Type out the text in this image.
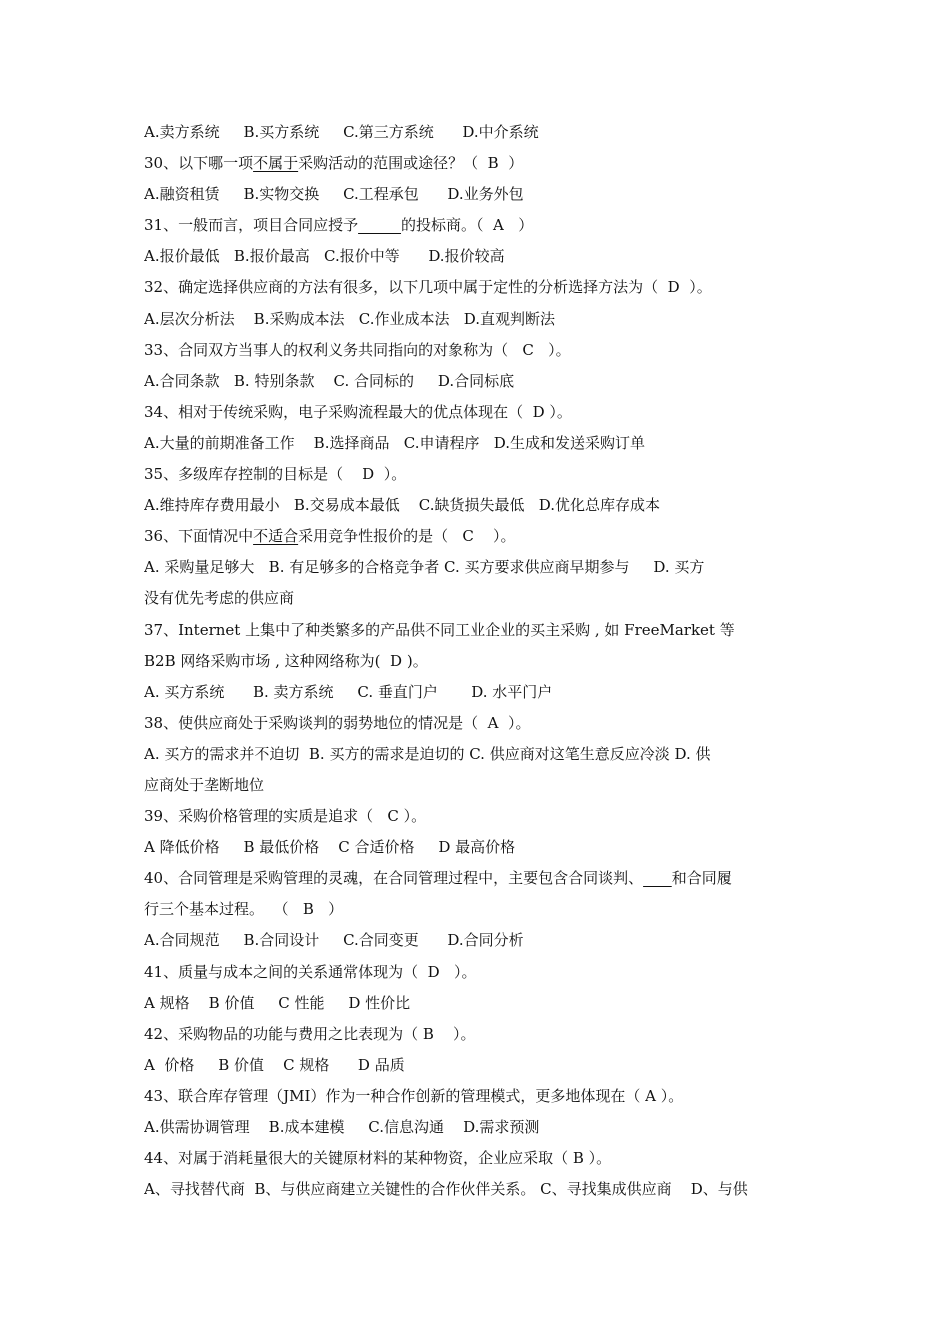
A.卖方系统     B.买方系统     C.第三方系统      D.中介系统
30、以下哪一项不属于采购活动的范围或途径？（  B  ）
A.融资租赁     B.实物交换     C.工程承包      D.业务外包
31、一般而言，项目合同应授予	的投标商。（  A   ）
A.报价最低   B.报价最高   C.报价中等      D.报价较高
32、确定选择供应商的方法有很多，以下几项中属于定性的分析选择方法为（  D  ）。
A.层次分析法    B.采购成本法   C.作业成本法   D.直观判断法
33、合同双方当事人的权利义务共同指向的对象称为（   C   ）。
A.合同条款   B. 特别条款    C. 合同标的     D.合同标底
34、相对于传统采购，电子采购流程最大的优点体现在（  D ）。
A.大量的前期准备工作    B.选择商品   C.申请程序   D.生成和发送采购订单
35、多级库存控制的目标是（    D  ）。
A.维持库存费用最小   B.交易成本最低    C.缺货损失最低   D.优化总库存成本
36、下面情况中不适合采用竞争性报价的是（   C    ）。
A. 采购量足够大   B. 有足够多的合格竞争者 C. 买方要求供应商早期参与     D. 买方
没有优先考虑的供应商
37、Internet 上集中了种类繁多的产品供不同工业企业的买主采购 , 如 FreeMarket 等
B2B 网络采购市场 , 这种网络称为(  D )。
A. 买方系统      B. 卖方系统     C. 垂直门户       D. 水平门户
38、使供应商处于采购谈判的弱势地位的情况是（  A  ）。
A. 买方的需求并不迫切  B. 买方的需求是迫切的 C. 供应商对这笔生意反应冷淡 D. 供
应商处于垄断地位
39、采购价格管理的实质是追求（   C ）。
A 降低价格     B 最低价格    C 合适价格     D 最高价格
40、合同管理是采购管理的灵魂，在合同管理过程中，主要包含合同谈判、 和合同履
行三个基本过程。  （   B   ）
A.合同规范     B.合同设计     C.合同变更      D.合同分析
41、质量与成本之间的关系通常体现为（  D   ）。
A 规格    B 价值     C 性能     D 性价比
42、采购物品的功能与费用之比表现为（ B    ）。
A  价格     B 价值    C 规格      D 品质
43、联合库存管理（JMI）作为一种合作创新的管理模式，更多地体现在（ A ）。
A.供需协调管理    B.成本建模     C.信息沟通    D.需求预测
44、对属于消耗量很大的关键原材料的某种物资，企业应采取（ B ）。
A、寻找替代商  B、与供应商建立关键性的合作伙伴关系。 C、寻找集成供应商    D、与供
